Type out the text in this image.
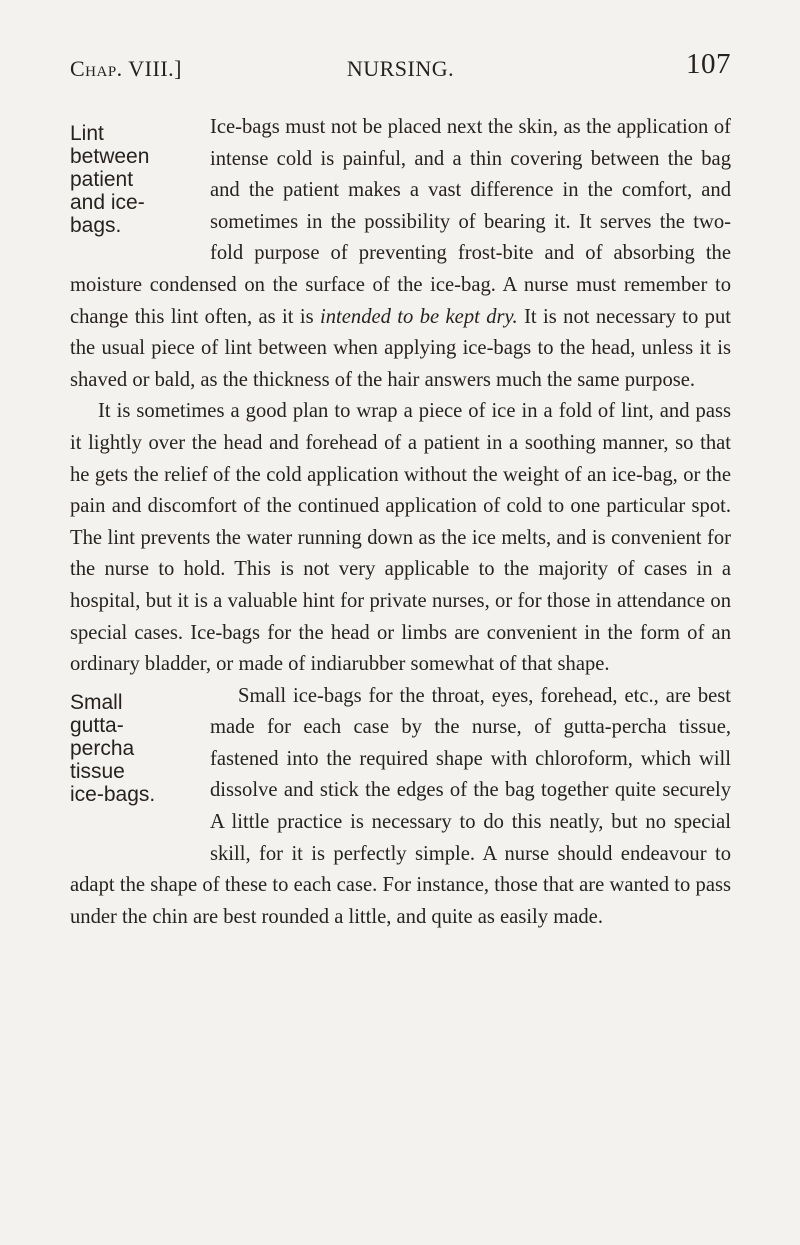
Chap. VIII.]	NURSING.	107

Lint
between
patient
and ice-
bags.
Ice-bags must not be placed next the skin, as the application of intense cold is painful, and a thin covering between the bag and the patient makes a vast difference in the comfort, and sometimes in the possibility of bearing it. It serves the two-fold purpose of preventing frost-bite and of absorbing the moisture condensed on the surface of the ice-bag. A nurse must remember to change this lint often, as it is intended to be kept dry. It is not necessary to put the usual piece of lint between when applying ice-bags to the head, unless it is shaved or bald, as the thickness of the hair answers much the same purpose.

It is sometimes a good plan to wrap a piece of ice in a fold of lint, and pass it lightly over the head and forehead of a patient in a soothing manner, so that he gets the relief of the cold application without the weight of an ice-bag, or the pain and discomfort of the continued application of cold to one particular spot. The lint prevents the water running down as the ice melts, and is convenient for the nurse to hold. This is not very applicable to the majority of cases in a hospital, but it is a valuable hint for private nurses, or for those in attendance on special cases. Ice-bags for the head or limbs are convenient in the form of an ordinary bladder, or made of indiarubber somewhat of that shape.

Small
gutta-
percha
tissue
ice-bags.
Small ice-bags for the throat, eyes, forehead, etc., are best made for each case by the nurse, of gutta-percha tissue, fastened into the required shape with chloroform, which will dissolve and stick the edges of the bag together quite securely A little practice is necessary to do this neatly, but no special skill, for it is perfectly simple. A nurse should endeavour to adapt the shape of these to each case. For instance, those that are wanted to pass under the chin are best rounded a little, and quite as easily made.
